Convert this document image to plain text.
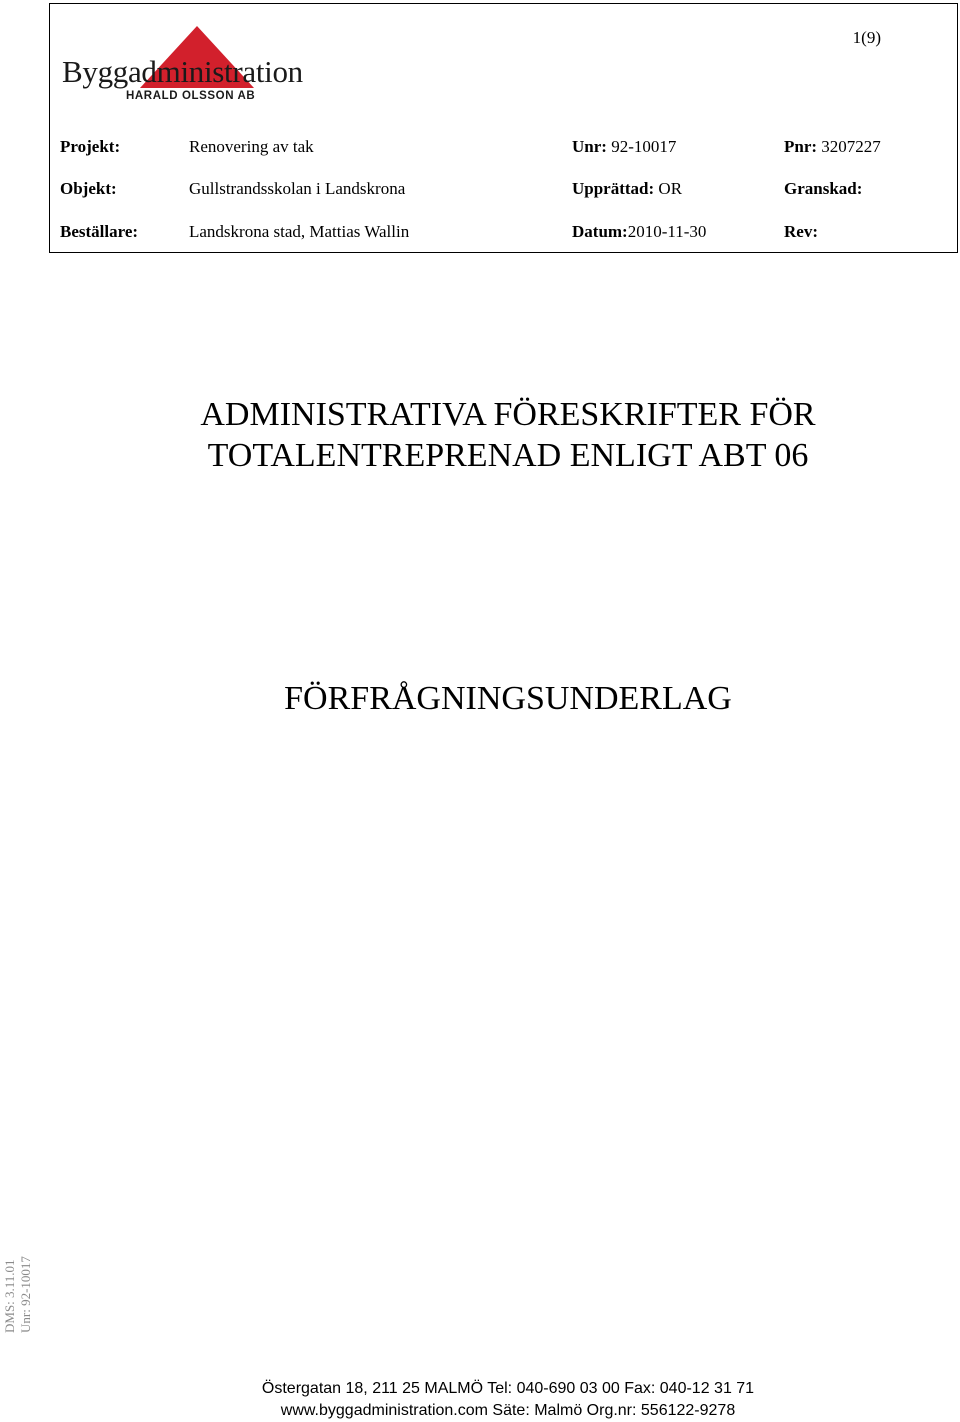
1(9)
Byggadministration
HARALD OLSSON AB
Projekt:	Renovering av tak	Unr: 92-10017	Pnr: 3207227
Objekt:	Gullstrandsskolan i Landskrona	Upprättad: OR	Granskad:
Beställare:	Landskrona stad, Mattias Wallin	Datum:2010-11-30	Rev:
ADMINISTRATIVA FÖRESKRIFTER FÖR
TOTALENTREPRENAD ENLIGT ABT 06
FÖRFRÅGNINGSUNDERLAG
DMS: 3.11.01 Unr: 92-10017
Östergatan 18, 211 25 MALMÖ Tel: 040-690 03 00 Fax: 040-12 31 71
www.byggadministration.com Säte: Malmö Org.nr: 556122-9278
